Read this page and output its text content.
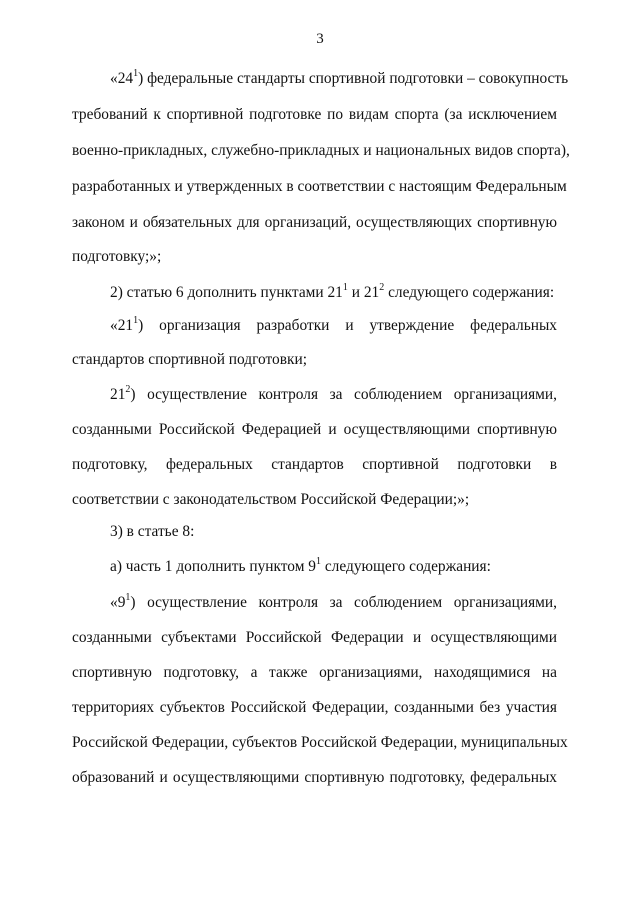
3
«$24^1$) федеральные стандарты спортивной подготовки – совокупность
требований к спортивной подготовке по видам спорта (за исключением
военно-прикладных, служебно-прикладных и национальных видов спорта),
разработанных и утвержденных в соответствии с настоящим Федеральным
законом и обязательных для организаций, осуществляющих спортивную
подготовку;»;
2) статью 6 дополнить пунктами $21^1$ и $21^2$ следующего содержания:
«$21^1$) организация разработки и утверждение федеральных
стандартов спортивной подготовки;
$21^2$) осуществление контроля за соблюдением организациями,
созданными Российской Федерацией и осуществляющими спортивную
подготовку, федеральных стандартов спортивной подготовки в
соответствии с законодательством Российской Федерации;»;
3) в статье 8:
а) часть 1 дополнить пунктом $9^1$ следующего содержания:
«$9^1$) осуществление контроля за соблюдением организациями,
созданными субъектами Российской Федерации и осуществляющими
спортивную подготовку, а также организациями, находящимися на
территориях субъектов Российской Федерации, созданными без участия
Российской Федерации, субъектов Российской Федерации, муниципальных
образований и осуществляющими спортивную подготовку, федеральных
